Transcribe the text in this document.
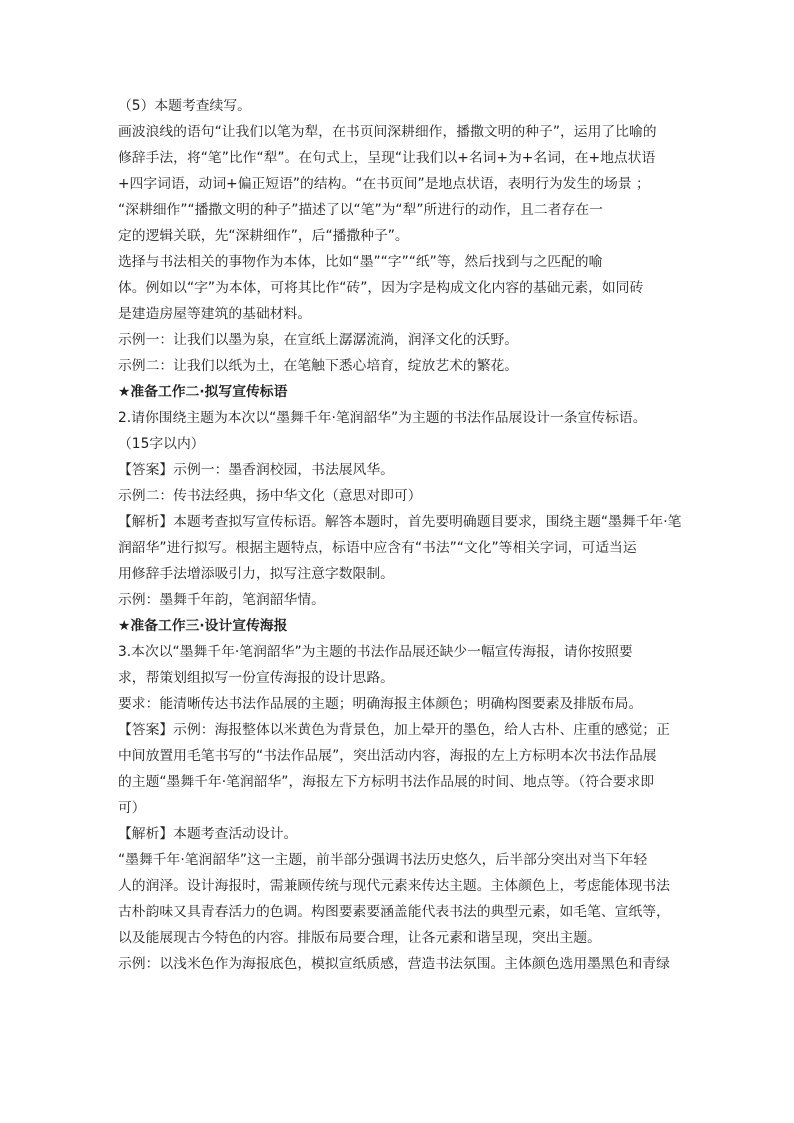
（5）本题考查续写。
画波浪线的语句“让我们以笔为犁，在书页间深耕细作，播撒文明的种子”，运用了比喻的
修辞手法，将“笔”比作“犁”。在句式上，呈现“让我们以+名词+为+名词，在+地点状语
+四字词语，动词+偏正短语”的结构。“在书页间”是地点状语，表明行为发生的场景 ；
“深耕细作”“播撒文明的种子”描述了以“笔”为“犁”所进行的动作，且二者存在一
定的逻辑关联，先“深耕细作”，后“播撒种子”。
选择与书法相关的事物作为本体，比如“墨”“字”“纸”等，然后找到与之匹配的喻
体。例如以“字”为本体，可将其比作“砖”，因为字是构成文化内容的基础元素，如同砖
是建造房屋等建筑的基础材料。
示例一：让我们以墨为泉，在宣纸上潺潺流淌，润泽文化的沃野。
示例二：让我们以纸为土，在笔触下悉心培育，绽放艺术的繁花。
★准备工作二·拟写宣传标语
2.请你围绕主题为本次以“墨舞千年·笔润韶华”为主题的书法作品展设计一条宣传标语。
（15字以内）
【答案】示例一：墨香润校园，书法展风华。
示例二：传书法经典，扬中华文化（意思对即可）
【解析】本题考查拟写宣传标语。解答本题时，首先要明确题目要求，围绕主题“墨舞千年·笔
润韶华”进行拟写。根据主题特点，标语中应含有“书法”“文化”等相关字词，可适当运
用修辞手法增添吸引力，拟写注意字数限制。
示例：墨舞千年韵，笔润韶华情。
★准备工作三·设计宣传海报
3.本次以“墨舞千年·笔润韶华”为主题的书法作品展还缺少一幅宣传海报，请你按照要
求，帮策划组拟写一份宣传海报的设计思路。
要求：能清晰传达书法作品展的主题；明确海报主体颜色；明确构图要素及排版布局。
【答案】示例：海报整体以米黄色为背景色，加上晕开的墨色，给人古朴、庄重的感觉；正
中间放置用毛笔书写的“书法作品展”，突出活动内容，海报的左上方标明本次书法作品展
的主题“墨舞千年·笔润韶华”，海报左下方标明书法作品展的时间、地点等。（符合要求即
可）
【解析】本题考查活动设计。
“墨舞千年·笔润韶华”这一主题，前半部分强调书法历史悠久，后半部分突出对当下年轻
人的润泽。设计海报时，需兼顾传统与现代元素来传达主题。主体颜色上，考虑能体现书法
古朴韵味又具青春活力的色调。构图要素要涵盖能代表书法的典型元素，如毛笔、宣纸等，
以及能展现古今特色的内容。排版布局要合理，让各元素和谐呈现，突出主题。
示例：以浅米色作为海报底色，模拟宣纸质感，营造书法氛围。主体颜色选用墨黑色和青绿
